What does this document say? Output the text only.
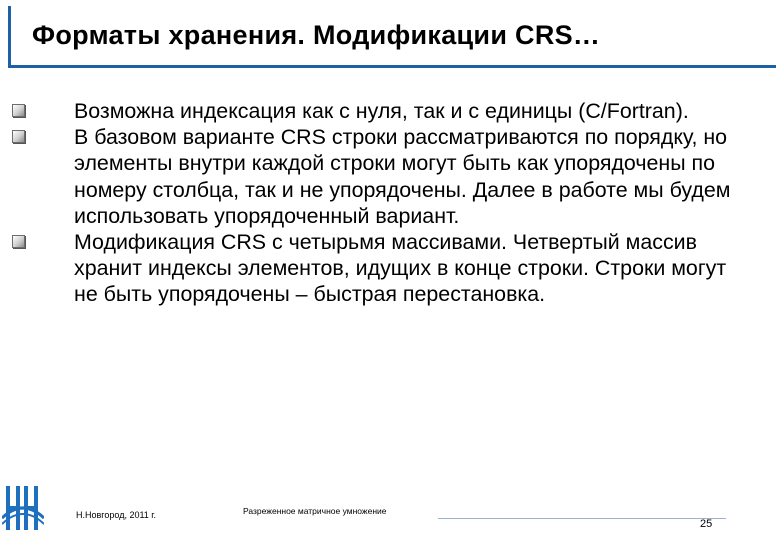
Форматы хранения. Модификации CRS…
Возможна индексация как с нуля, так и с единицы (C/Fortran).
В базовом варианте CRS строки рассматриваются по порядку, но элементы внутри каждой строки могут быть как упорядочены по номеру столбца, так и не упорядочены. Далее в работе мы будем использовать упорядоченный вариант.
Модификация CRS с четырьмя массивами. Четвертый массив хранит индексы элементов, идущих в конце строки. Строки могут не быть упорядочены – быстрая перестановка.
Н.Новгород, 2011 г.	Разреженное матричное умножение
25
